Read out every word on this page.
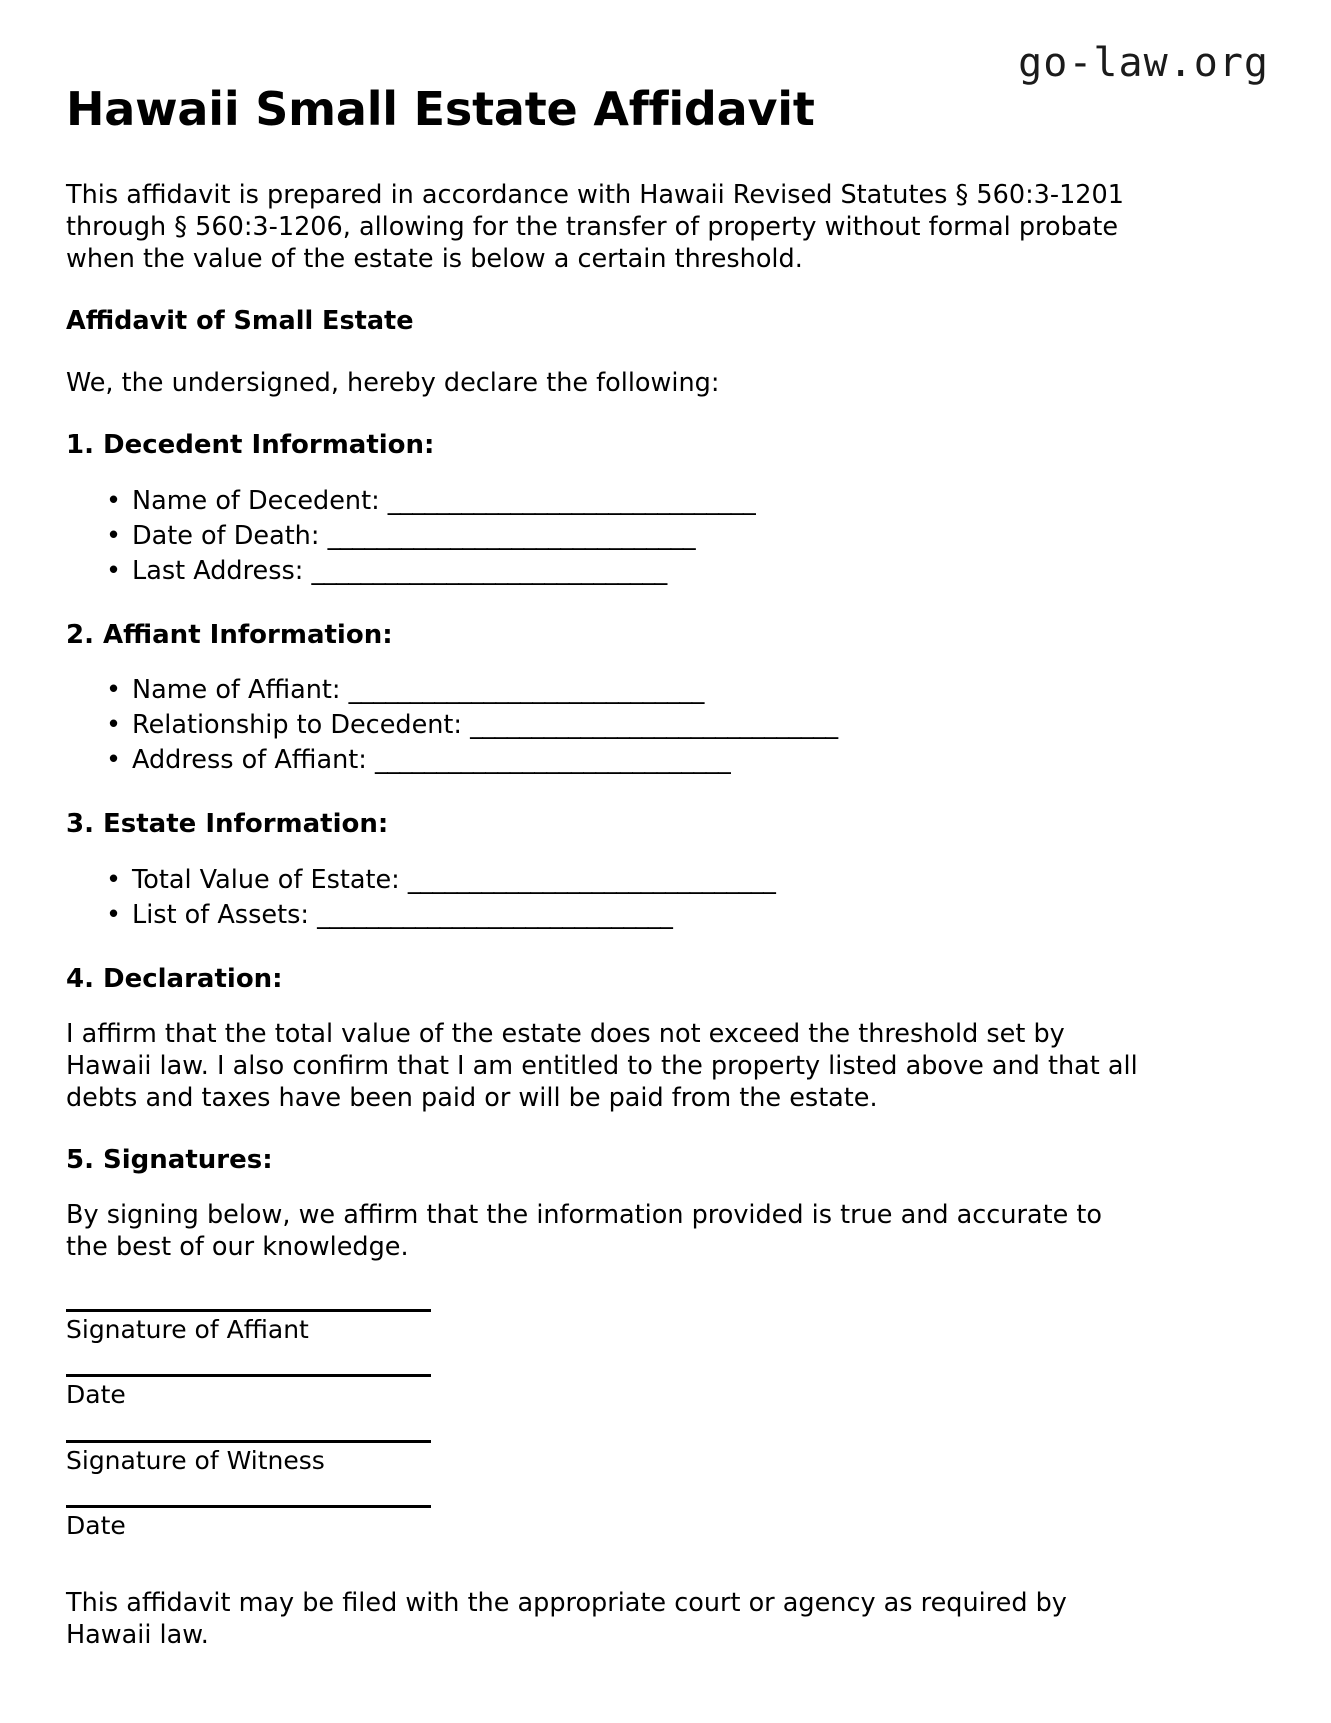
go-law.org
Hawaii Small Estate Affidavit

This affidavit is prepared in accordance with Hawaii Revised Statutes § 560:3-1201 through § 560:3-1206, allowing for the transfer of property without formal probate when the value of the estate is below a certain threshold.

Affidavit of Small Estate

We, the undersigned, hereby declare the following:

1. Decedent Information:
• Name of Decedent: ______________________________
• Date of Death: ______________________________
• Last Address: _____________________________
2. Affiant Information:
• Name of Affiant: _____________________________
• Relationship to Decedent: ______________________________
• Address of Affiant: _____________________________
3. Estate Information:
• Total Value of Estate: ______________________________
• List of Assets: _____________________________
4. Declaration:

I affirm that the total value of the estate does not exceed the threshold set by Hawaii law. I also confirm that I am entitled to the property listed above and that all debts and taxes have been paid or will be paid from the estate.

5. Signatures:

By signing below, we affirm that the information provided is true and accurate to the best of our knowledge.

Signature of Affiant
Date
Signature of Witness
Date

This affidavit may be filed with the appropriate court or agency as required by Hawaii law.
